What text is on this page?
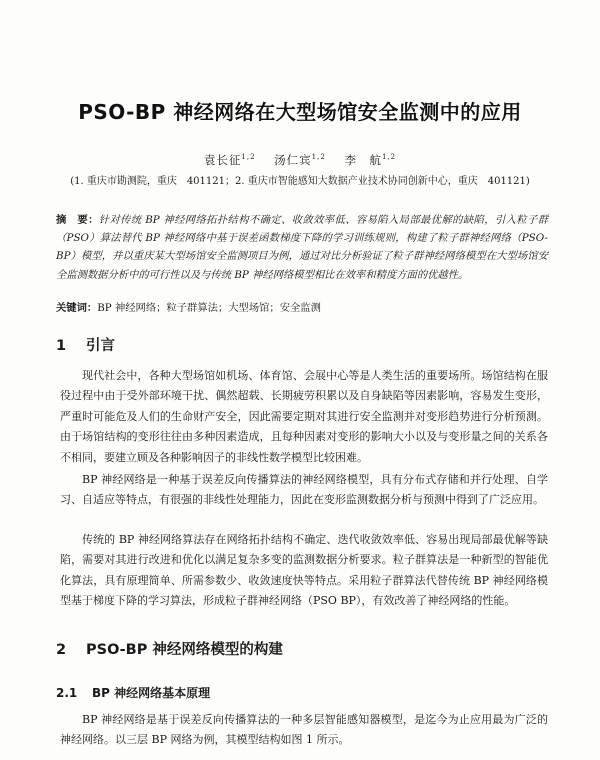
PSO-BP 神经网络在大型场馆安全监测中的应用
袁长征$^{1,2}$ 汤仁宾$^{1,2}$ 李　航$^{1,2}$
(1. 重庆市勘测院，重庆　401121；2. 重庆市智能感知大数据产业技术协同创新中心，重庆　401121)
摘　要：针对传统 BP 神经网络拓扑结构不确定、收敛效率低、容易陷入局部最优解的缺陷，引入粒子群（PSO）算法替代 BP 神经网络中基于误差函数梯度下降的学习训练规则，构建了粒子群神经网络（PSO-BP）模型，并以重庆某大型场馆安全监测项目为例，通过对比分析验证了粒子群神经网络模型在大型场馆安全监测数据分析中的可行性以及与传统 BP 神经网络模型相比在效率和精度方面的优越性。
关键词：BP 神经网络；粒子群算法；大型场馆；安全监测
1 引言
现代社会中，各种大型场馆如机场、体育馆、会展中心等是人类生活的重要场所。场馆结构在服役过程中由于受外部环境干扰、偶然超载、长期疲劳积累以及自身缺陷等因素影响，容易发生变形，严重时可能危及人们的生命财产安全，因此需要定期对其进行安全监测并对变形趋势进行分析预测。由于场馆结构的变形往往由多种因素造成，且每种因素对变形的影响大小以及与变形量之间的关系各不相同，要建立顾及各种影响因子的非线性数学模型比较困难。
BP 神经网络是一种基于误差反向传播算法的神经网络模型，具有分布式存储和并行处理、自学习、自适应等特点，有很强的非线性处理能力，因此在变形监测数据分析与预测中得到了广泛应用。
传统的 BP 神经网络算法存在网络拓扑结构不确定、迭代收敛效率低、容易出现局部最优解等缺陷，需要对其进行改进和优化以满足复杂多变的监测数据分析要求。粒子群算法是一种新型的智能优化算法，具有原理简单、所需参数少、收敛速度快等特点。采用粒子群算法代替传统 BP 神经网络模型基于梯度下降的学习算法，形成粒子群神经网络（PSO BP），有效改善了神经网络的性能。
2 PSO-BP 神经网络模型的构建
2.1 BP 神经网络基本原理
BP 神经网络是基于误差反向传播算法的一种多层智能感知器模型，是迄今为止应用最为广泛的神经网络。以三层 BP 网络为例，其模型结构如图 1 所示。
